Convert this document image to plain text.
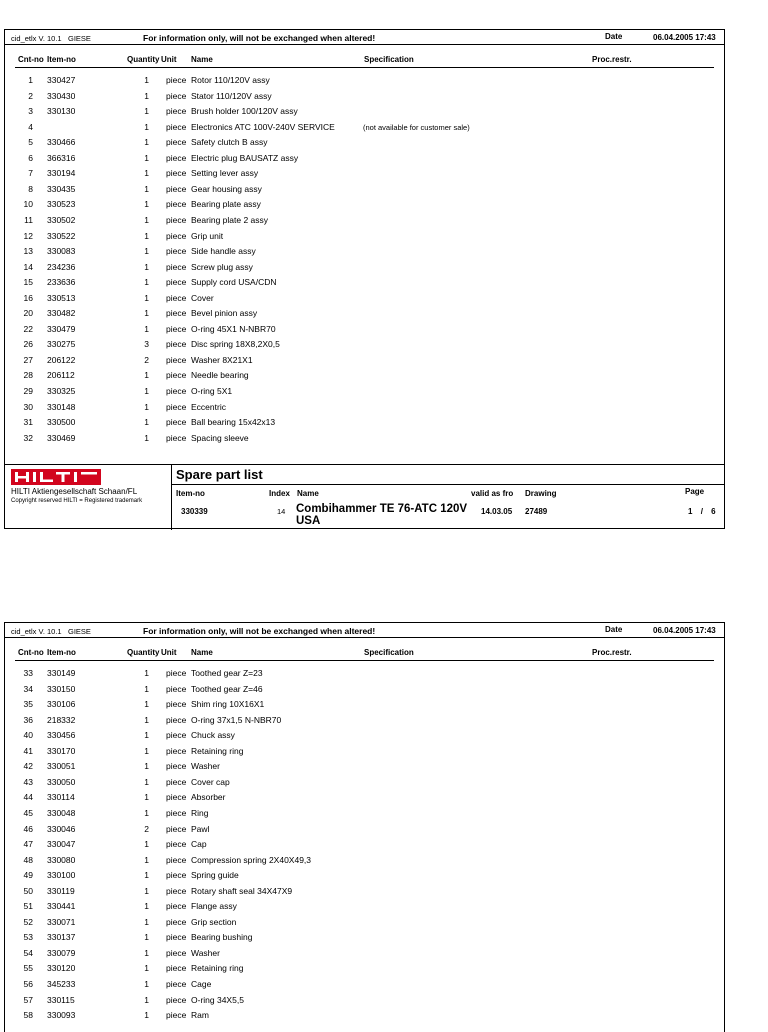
cid_etlx V. 10.1 GIESE	For information only, will not be exchanged when altered!	Date	06.04.2005 17:43
Cnt-no Item-no	Quantity Unit Name	Specification	Proc.restr.
1 330427	1 piece Rotor 110/120V assy
2 330430	1 piece Stator 110/120V assy
3 330130	1 piece Brush holder 100/120V assy
4	1 piece Electronics ATC 100V-240V SERVICE	(not available for customer sale)
5 330466	1 piece Safety clutch B assy
6 366316	1 piece Electric plug BAUSATZ assy
7 330194	1 piece Setting lever assy
8 330435	1 piece Gear housing assy
10 330523	1 piece Bearing plate assy
11 330502	1 piece Bearing plate 2 assy
12 330522	1 piece Grip unit
13 330083	1 piece Side handle assy
14 234236	1 piece Screw plug assy
15 233636	1 piece Supply cord USA/CDN
16 330513	1 piece Cover
20 330482	1 piece Bevel pinion assy
22 330479	1 piece O-ring 45X1 N-NBR70
26 330275	3 piece Disc spring 18X8,2X0,5
27 206122	2 piece Washer 8X21X1
28 206112	1 piece Needle bearing
29 330325	1 piece O-ring 5X1
30 330148	1 piece Eccentric
31 330500	1 piece Ball bearing 15x42x13
32 330469	1 piece Spacing sleeve
HILTI Aktiengesellschaft Schaan/FL
Copyright reserved HILTI = Registered trademark
Spare part list
Item-no	Index Name	valid as fro Drawing	Page
330339	14 Combihammer TE 76-ATC 120V
USA
14.03.05 27489	1 / 6
cid_etlx V. 10.1 GIESE	For information only, will not be exchanged when altered!	Date	06.04.2005 17:43
Cnt-no Item-no	Quantity Unit Name	Specification	Proc.restr.
33 330149	1 piece Toothed gear Z=23
34 330150	1 piece Toothed gear Z=46
35 330106	1 piece Shim ring 10X16X1
36 218332	1 piece O-ring 37x1,5 N-NBR70
40 330456	1 piece Chuck assy
41 330170	1 piece Retaining ring
42 330051	1 piece Washer
43 330050	1 piece Cover cap
44 330114	1 piece Absorber
45 330048	1 piece Ring
46 330046	2 piece Pawl
47 330047	1 piece Cap
48 330080	1 piece Compression spring 2X40X49,3
49 330100	1 piece Spring guide
50 330119	1 piece Rotary shaft seal 34X47X9
51 330441	1 piece Flange assy
52 330071	1 piece Grip section
53 330137	1 piece Bearing bushing
54 330079	1 piece Washer
55 330120	1 piece Retaining ring
56 345233	1 piece Cage
57 330115	1 piece O-ring 34X5,5
58 330093	1 piece Ram
